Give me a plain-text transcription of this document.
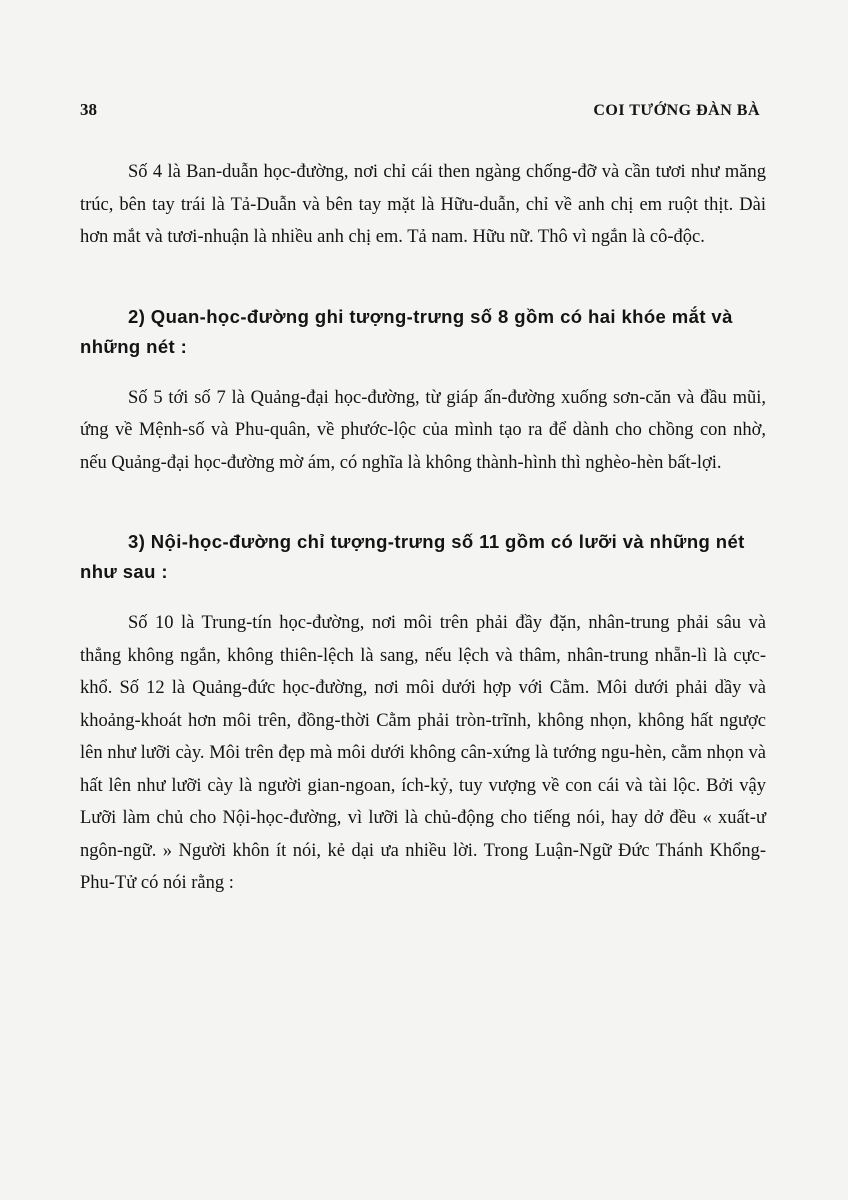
38	COI TƯỚNG ĐÀN BÀ

Số 4 là Ban-duẫn học-đường, nơi chỉ cái then ngàng chống-đỡ và cần tươi như măng trúc, bên tay trái là Tả-Duẫn và bên tay mặt là Hữu-duẫn, chỉ về anh chị em ruột thịt. Dài hơn mắt và tươi-nhuận là nhiều anh chị em. Tả nam. Hữu nữ. Thô vì ngắn là cô-độc.

2) Quan-học-đường ghi tượng-trưng số 8 gồm có hai khóe mắt và những nét :

Số 5 tới số 7 là Quảng-đại học-đường, từ giáp ấn-đường xuống sơn-căn và đầu mũi, ứng về Mệnh-số và Phu-quân, về phước-lộc của mình tạo ra để dành cho chồng con nhờ, nếu Quảng-đại học-đường mờ ám, có nghĩa là không thành-hình thì nghèo-hèn bất-lợi.

3) Nội-học-đường chỉ tượng-trưng số 11 gồm có lưỡi và những nét như sau :

Số 10 là Trung-tín học-đường, nơi môi trên phải đầy đặn, nhân-trung phải sâu và thẳng không ngắn, không thiên-lệch là sang, nếu lệch và thâm, nhân-trung nhẵn-lì là cực-khổ. Số 12 là Quảng-đức học-đường, nơi môi dưới hợp với Cằm. Môi dưới phải dầy và khoảng-khoát hơn môi trên, đồng-thời Cằm phải tròn-trĩnh, không nhọn, không hất ngược lên như lưỡi cày. Môi trên đẹp mà môi dưới không cân-xứng là tướng ngu-hèn, cằm nhọn và hất lên như lưỡi cày là người gian-ngoan, ích-kỷ, tuy vượng về con cái và tài lộc. Bởi vậy Lưỡi làm chủ cho Nội-học-đường, vì lưỡi là chủ-động cho tiếng nói, hay dở đều « xuất-ư ngôn-ngữ. » Người khôn ít nói, kẻ dại ưa nhiều lời. Trong Luận-Ngữ Đức Thánh Khổng-Phu-Tử có nói rằng :
